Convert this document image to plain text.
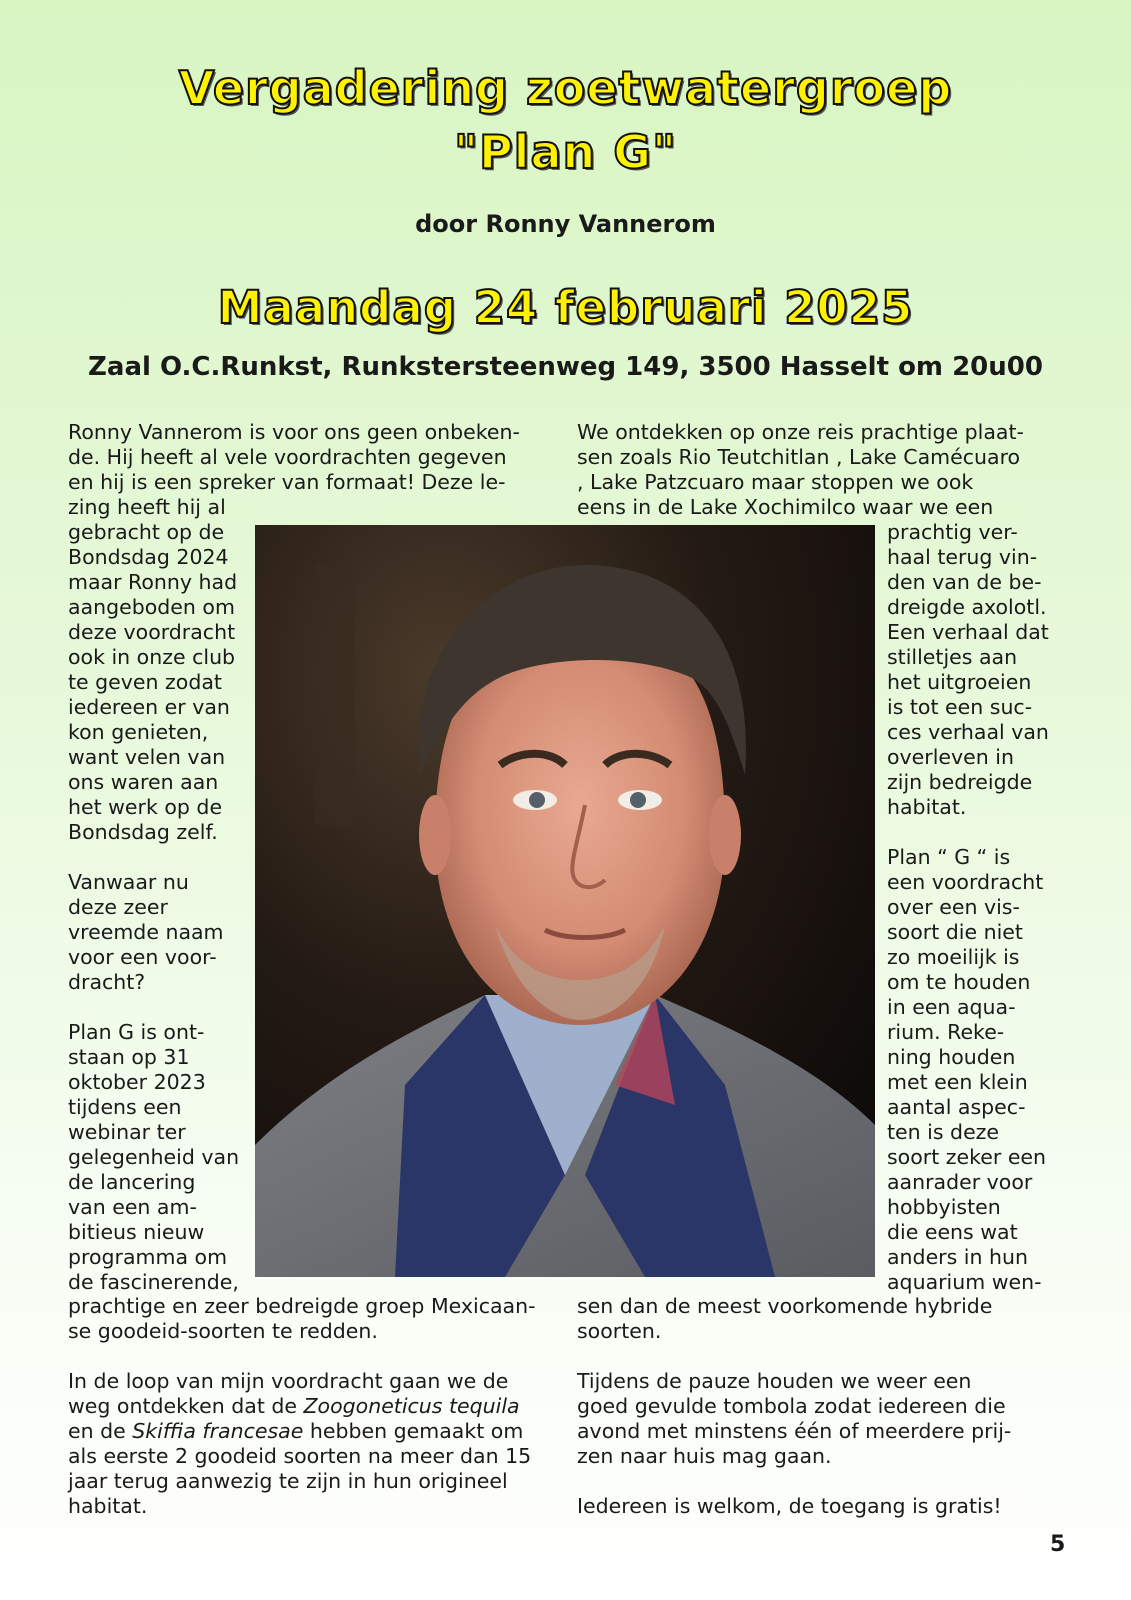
Vergadering zoetwatergroep
"Plan G"
door Ronny Vannerom
Maandag 24 februari 2025
Zaal O.C.Runkst, Runkstersteenweg 149, 3500 Hasselt om 20u00
Ronny Vannerom is voor ons geen onbeken-
de. Hij heeft al vele voordrachten gegeven
en hij is een spreker van formaat! Deze le-
zing heeft hij al
gebracht op de
Bondsdag 2024
maar Ronny had
aangeboden om
deze voordracht
ook in onze club
te geven zodat
iedereen er van
kon genieten,
want velen van
ons waren aan
het werk op de
Bondsdag zelf.
Vanwaar nu
deze zeer
vreemde naam
voor een voor-
dracht?
Plan G is ont-
staan op 31
oktober 2023
tijdens een
webinar ter
gelegenheid van
de lancering
van een am-
bitieus nieuw
programma om
de fascinerende,
prachtige en zeer bedreigde groep Mexicaan-
se goodeid-soorten te redden.
In de loop van mijn voordracht gaan we de
weg ontdekken dat de Zoogoneticus tequila
en de Skiffia francesae hebben gemaakt om
als eerste 2 goodeid soorten na meer dan 15
jaar terug aanwezig te zijn in hun origineel
habitat.
We ontdekken op onze reis prachtige plaat-
sen zoals Rio Teutchitlan , Lake Camécuaro
, Lake Patzcuaro maar stoppen we ook
eens in de Lake Xochimilco waar we een
prachtig ver-
haal terug vin-
den van de be-
dreigde axolotl.
Een verhaal dat
stilletjes aan
het uitgroeien
is tot een suc-
ces verhaal van
overleven in
zijn bedreigde
habitat.
Plan “ G “ is
een voordracht
over een vis-
soort die niet
zo moeilijk is
om te houden
in een aqua-
rium. Reke-
ning houden
met een klein
aantal aspec-
ten is deze
soort zeker een
aanrader voor
hobbyisten
die eens wat
anders in hun
aquarium wen-
sen dan de meest voorkomende hybride
soorten.
Tijdens de pauze houden we weer een
goed gevulde tombola zodat iedereen die
avond met minstens één of meerdere prij-
zen naar huis mag gaan.
Iedereen is welkom, de toegang is gratis!
5
